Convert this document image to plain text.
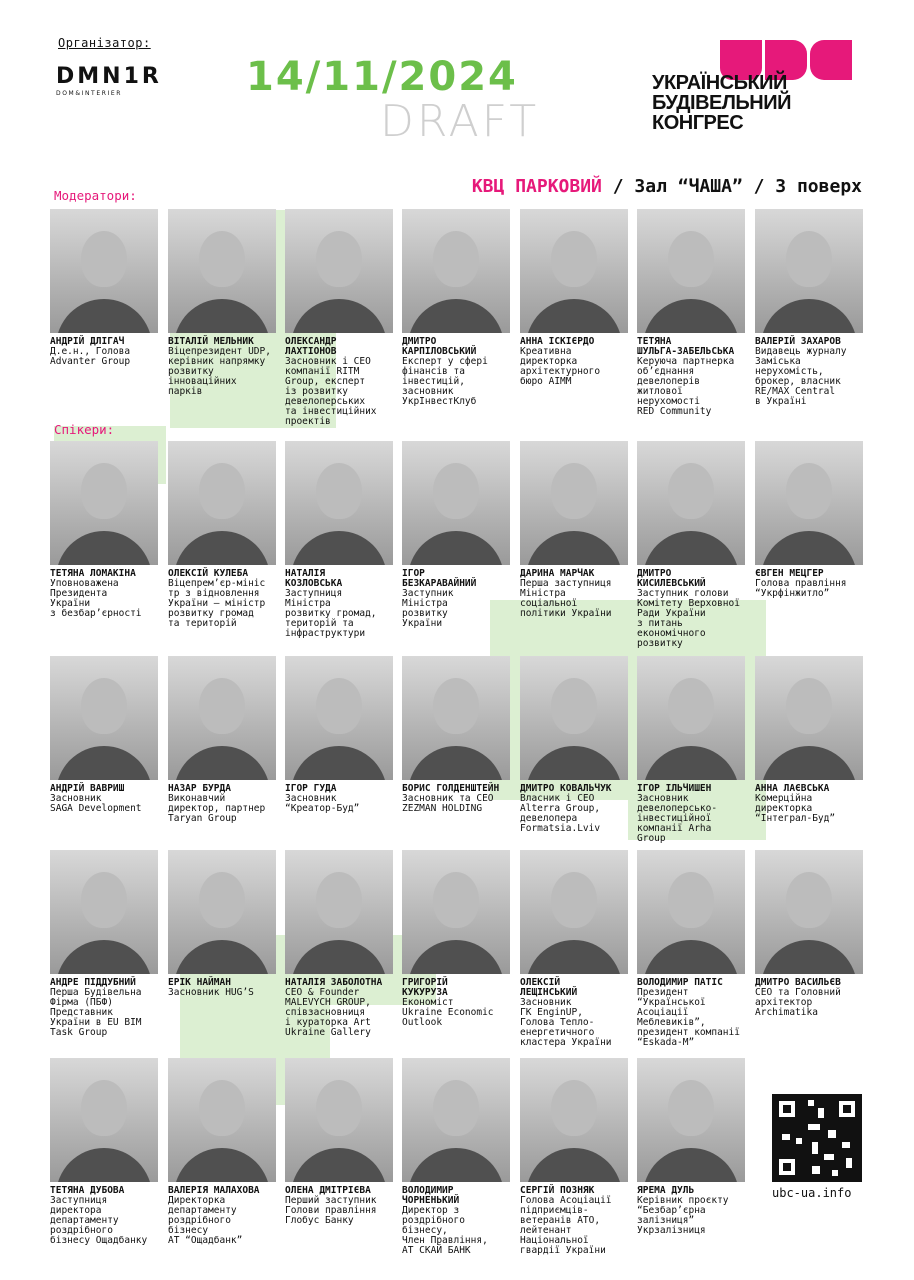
Організатор:
DMN1R
DOM&INTERIER	14/11/2024
DRAFT
УКРАЇНСЬКИЙ
БУДІВЕЛЬНИЙ
КОНГРЕС
КВЦ ПАРКОВИЙ / Зал “ЧАША” / 3 поверх
Модератори:
Спікери:
АНДРІЙ ДЛІГАЧ
Д.е.н., Голова
Advanter Group
ВІТАЛІЙ МЕЛЬНИК
Віцепрезидент UDP,
керівник напрямку
розвитку
інноваційних
парків
ОЛЕКСАНДР
ЛАХТІОНОВ
Засновник і CEO
компанії RITM
Group, експерт
із розвитку
девелоперських
та інвестиційних
проектів
ДМИТРО
КАРПІЛОВСЬКИЙ
Експерт у сфері
фінансів та
інвестицій,
засновник
УкрІнвестКлуб
АННА ІСКІЄРДО
Креативна
директорка
архітектурного
бюро AIMM
ТЕТЯНА
ШУЛЬГА-ЗАБЕЛЬСЬКА
Керуюча партнерка
об’єднання
девелоперів
житлової
нерухомості
RED Community
ВАЛЕРІЙ ЗАХАРОВ
Видавець журналу
Заміська
нерухомість,
брокер, власник
RE/MAX Central
в Україні
ТЕТЯНА ЛОМАКІНА
Уповноважена
Президента
України
з безбар’єрності
ОЛЕКСІЙ КУЛЕБА
Віцепрем’єр-мініс
тр з відновлення
України – міністр
розвитку громад
та територій
НАТАЛІЯ
КОЗЛОВСЬКА
Заступниця
Міністра
розвитку громад,
територій та
інфраструктури
ІГОР
БЕЗКАРАВАЙНИЙ
Заступник
Міністра
розвитку
України
ДАРИНА МАРЧАК
Перша заступниця
Міністра
соціальної
політики України
ДМИТРО
КИСИЛЕВСЬКИЙ
Заступник голови
Комітету Верховної
Ради України
з питань
економічного
розвитку
ЄВГЕН МЕЦГЕР
Голова правління
“Укрфінжитло”
АНДРІЙ ВАВРИШ
Засновник
SAGA Development
НАЗАР БУРДА
Виконавчий
директор, партнер
Taryan Group
ІГОР ГУДА
Засновник
“Креатор-Буд”
БОРИС ГОЛДЕНШТЕЙН
Засновник та CEO
ZEZMAN HOLDING
ДМИТРО КОВАЛЬЧУК
Власник і CEO
Alterra Group,
девелопера
Formatsia.Lviv
ІГОР ІЛЬЧИШЕН
Засновник
девелоперсько-
інвестиційної
компанії Arha
Group
АННА ЛАЄВСЬКА
Комерційна
директорка
“Інтеграл-Буд”
АНДРЕ ПІДДУБНИЙ
Перша Будівельна
Фірма (ПБФ)
Представник
України в EU BIM
Task Group
ЕРІК НАЙМАН
Засновник HUG’S
НАТАЛІЯ ЗАБОЛОТНА
CEO & Founder
MALEVYCH GROUP,
співзасновниця
і кураторка Art
Ukraine Gallery
ГРИГОРІЙ
КУКУРУЗА
Економіст
Ukraine Economic
Outlook
ОЛЕКСІЙ
ЛЕЩІНСЬКИЙ
Засновник
ГК EnginUP,
Голова Тепло-
енергетичного
кластера України
ВОЛОДИМИР ПАТІС
Президент
“Української
Асоціації
Меблевиків”,
президент компанії
“Eskada-M”
ДМИТРО ВАСИЛЬЄВ
CEO та Головний
архітектор
Archimatika
ТЕТЯНА ДУБОВА
Заступниця
директора
департаменту
роздрібного
бізнесу Ощадбанку
ВАЛЕРІЯ МАЛАХОВА
Директорка
департаменту
роздрібного
бізнесу
АТ “Ощадбанк”
ОЛЕНА ДМІТРІЄВА
Перший заступник
Голови правління
Глобус Банку
ВОЛОДИМИР
ЧОРНЕНЬКИЙ
Директор з
роздрібного
бізнесу,
Член Правління,
АТ СКАЙ БАНК
СЕРГІЙ ПОЗНЯК
Голова Асоціації
підприємців-
ветеранів АТО,
лейтенант
Національної
гвардії України
ЯРЕМА ДУЛЬ
Керівник проєкту
“Безбар’єрна
залізниця”
Укрзалізниця
ubc-ua.info
